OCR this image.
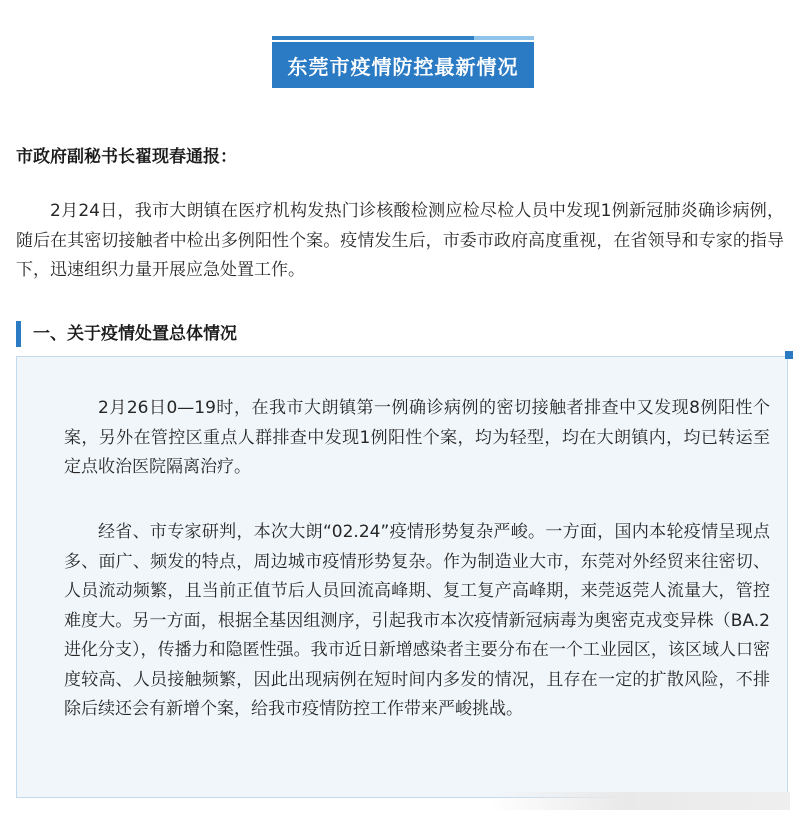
东莞市疫情防控最新情况
市政府副秘书长翟现春通报：
2月24日，我市大朗镇在医疗机构发热门诊核酸检测应检尽检人员中发现1例新冠肺炎确诊病例，随后在其密切接触者中检出多例阳性个案。疫情发生后，市委市政府高度重视，在省领导和专家的指导下，迅速组织力量开展应急处置工作。
一、关于疫情处置总体情况
2月26日0—19时，在我市大朗镇第一例确诊病例的密切接触者排查中又发现8例阳性个案，另外在管控区重点人群排查中发现1例阳性个案，均为轻型，均在大朗镇内，均已转运至定点收治医院隔离治疗。
经省、市专家研判，本次大朗“02.24”疫情形势复杂严峻。一方面，国内本轮疫情呈现点多、面广、频发的特点，周边城市疫情形势复杂。作为制造业大市，东莞对外经贸来往密切、人员流动频繁，且当前正值节后人员回流高峰期、复工复产高峰期，来莞返莞人流量大，管控难度大。另一方面，根据全基因组测序，引起我市本次疫情新冠病毒为奥密克戎变异株（BA.2进化分支），传播力和隐匿性强。我市近日新增感染者主要分布在一个工业园区，该区域人口密度较高、人员接触频繁，因此出现病例在短时间内多发的情况，且存在一定的扩散风险，不排除后续还会有新增个案，给我市疫情防控工作带来严峻挑战。
